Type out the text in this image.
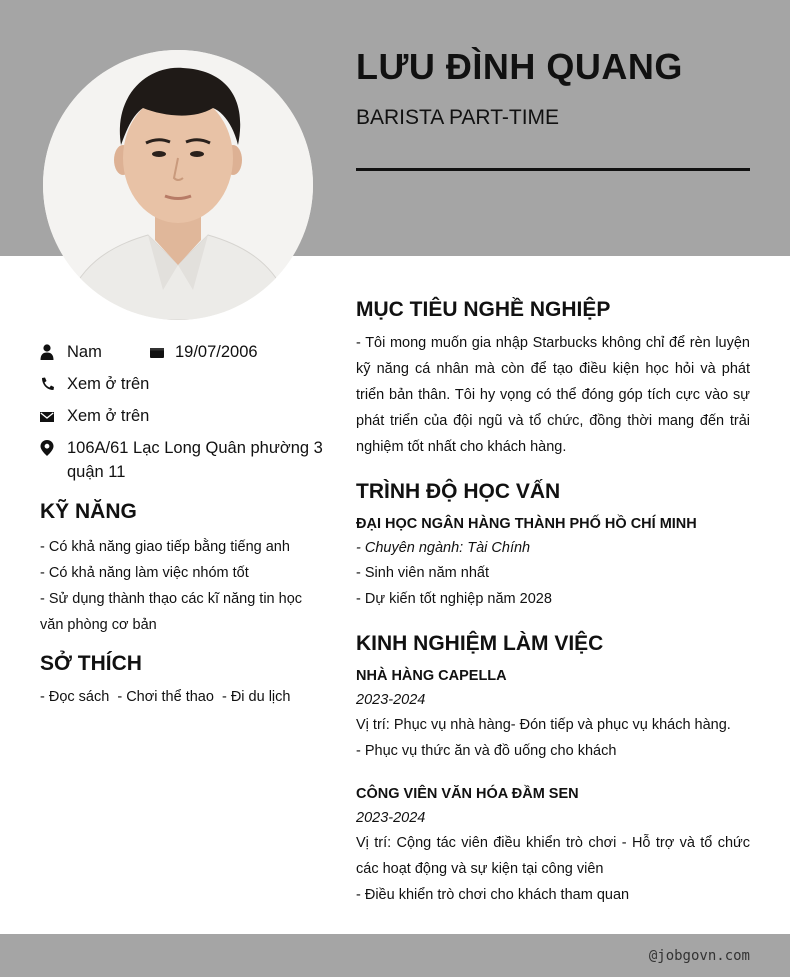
LƯU ĐÌNH QUANG
BARISTA PART-TIME
Nam	19/07/2006
Xem ở trên
Xem ở trên
106A/61 Lạc Long Quân phường 3        quận 11
KỸ NĂNG
- Có khả năng giao tiếp bằng tiếng anh
- Có khả năng làm việc nhóm tốt
- Sử dụng thành thạo các kĩ năng tin học văn phòng cơ bản
SỞ THÍCH
- Đọc sách  - Chơi thể thao  - Đi du lịch
MỤC TIÊU NGHỀ NGHIỆP
- Tôi mong muốn gia nhập Starbucks không chỉ để rèn luyện kỹ năng cá nhân mà còn để tạo điều kiện học hỏi và phát triển bản thân. Tôi hy vọng có thể đóng góp tích cực vào sự phát triển của đội ngũ và tổ chức, đồng thời mang đến trải nghiệm tốt nhất cho khách hàng.
TRÌNH ĐỘ HỌC VẤN
ĐẠI HỌC NGÂN HÀNG THÀNH PHỐ HỒ CHÍ MINH
- Chuyên ngành: Tài Chính
- Sinh viên năm nhất
- Dự kiến tốt nghiệp năm 2028
KINH NGHIỆM LÀM VIỆC
NHÀ HÀNG CAPELLA
2023-2024
Vị trí: Phục vụ nhà hàng- Đón tiếp và phục vụ khách hàng.
- Phục vụ thức ăn và đồ uống cho khách
CÔNG VIÊN VĂN HÓA ĐẦM SEN
2023-2024
Vị trí: Cộng tác viên điều khiển trò chơi - Hỗ trợ và tổ chức các hoạt động và sự kiện tại công viên
- Điều khiển trò chơi cho khách tham quan
@jobgovn.com
